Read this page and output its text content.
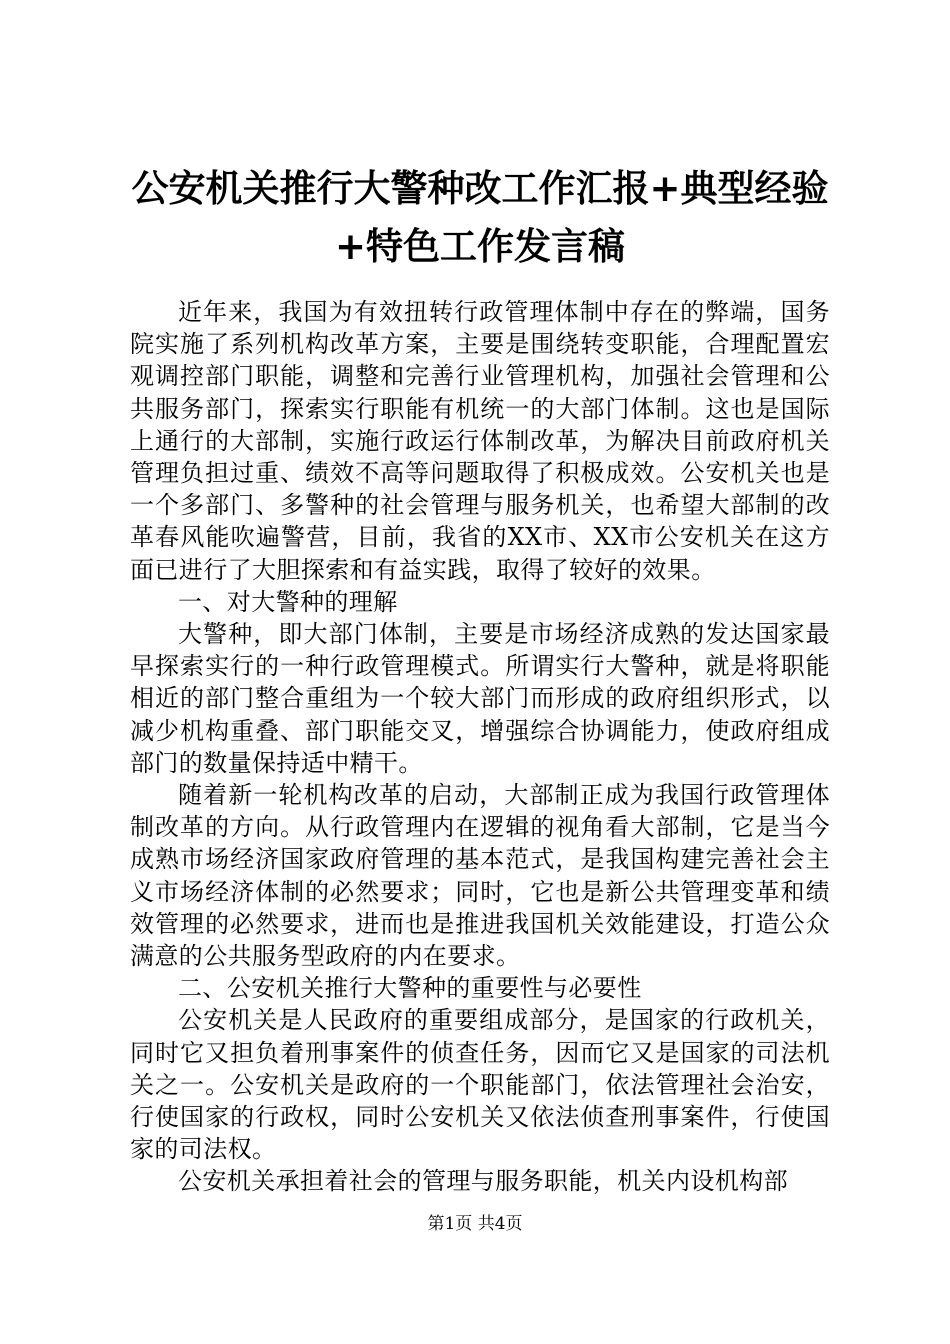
公安机关推行大警种改工作汇报+典型经验+特色工作发言稿

近年来，我国为有效扭转行政管理体制中存在的弊端，国务院实施了系列机构改革方案，主要是围绕转变职能，合理配置宏观调控部门职能，调整和完善行业管理机构，加强社会管理和公共服务部门，探索实行职能有机统一的大部门体制。这也是国际上通行的大部制，实施行政运行体制改革，为解决目前政府机关管理负担过重、绩效不高等问题取得了积极成效。公安机关也是一个多部门、多警种的社会管理与服务机关，也希望大部制的改革春风能吹遍警营，目前，我省的XX市、XX市公安机关在这方面已进行了大胆探索和有益实践，取得了较好的效果。

一、对大警种的理解

大警种，即大部门体制，主要是市场经济成熟的发达国家最早探索实行的一种行政管理模式。所谓实行大警种，就是将职能相近的部门整合重组为一个较大部门而形成的政府组织形式，以减少机构重叠、部门职能交叉，增强综合协调能力，使政府组成部门的数量保持适中精干。

随着新一轮机构改革的启动，大部制正成为我国行政管理体制改革的方向。从行政管理内在逻辑的视角看大部制，它是当今成熟市场经济国家政府管理的基本范式，是我国构建完善社会主义市场经济体制的必然要求；同时，它也是新公共管理变革和绩效管理的必然要求，进而也是推进我国机关效能建设，打造公众满意的公共服务型政府的内在要求。

二、公安机关推行大警种的重要性与必要性

公安机关是人民政府的重要组成部分，是国家的行政机关，同时它又担负着刑事案件的侦查任务，因而它又是国家的司法机关之一。公安机关是政府的一个职能部门，依法管理社会治安，行使国家的行政权，同时公安机关又依法侦查刑事案件，行使国家的司法权。

公安机关承担着社会的管理与服务职能，机关内设机构部

第1页 共4页
